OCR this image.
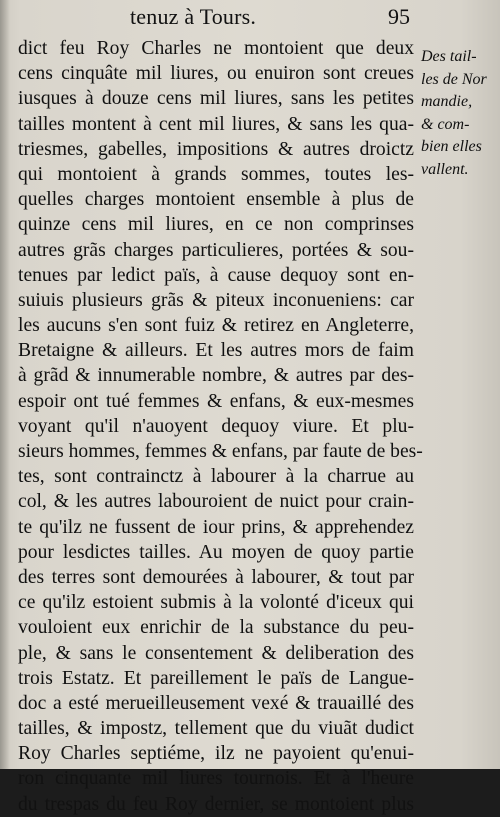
tenuz à Tours.	95
dict feu Roy Charles ne montoient que deux
cens cinquâte mil liures, ou enuiron sont creues
iusques à douze cens mil liures, sans les petites
tailles montent à cent mil liures, & sans les qua-
triesmes, gabelles, impositions & autres droictz
qui montoient à grands sommes, toutes les-
quelles charges montoient ensemble à plus de
quinze cens mil liures, en ce non comprinses
autres grãs charges particulieres, portées & sou-
tenues par ledict païs, à cause dequoy sont en-
suiuis plusieurs grãs & piteux inconueniens: car
les aucuns s'en sont fuiz & retirez en Angleterre,
Bretaigne & ailleurs. Et les autres mors de faim
à grãd & innumerable nombre, & autres par des-
espoir ont tué femmes & enfans, & eux-mesmes
voyant qu'il n'auoyent dequoy viure. Et plu-
sieurs hommes, femmes & enfans, par faute de bes-
tes, sont contrainctz à labourer à la charrue au
col, & les autres labouroient de nuict pour crain-
te qu'ilz ne fussent de iour prins, & apprehendez
pour lesdictes tailles. Au moyen de quoy partie
des terres sont demourées à labourer, & tout par
ce qu'ilz estoient submis à la volonté d'iceux qui
vouloient eux enrichir de la substance du peu-
ple, & sans le consentement & deliberation des
trois Estatz. Et pareillement le païs de Langue-
doc a esté merueilleusement vexé & trauaillé des
tailles, & impostz, tellement que du viuãt dudict
Roy Charles septiéme, ilz ne payoient qu'enui-
ron cinquante mil liures tournois. Et à l'heure
du trespas du feu Roy dernier, se montoient plus
Des tail-
les de Nor
mandie,
& com-
bien elles
vallent.
